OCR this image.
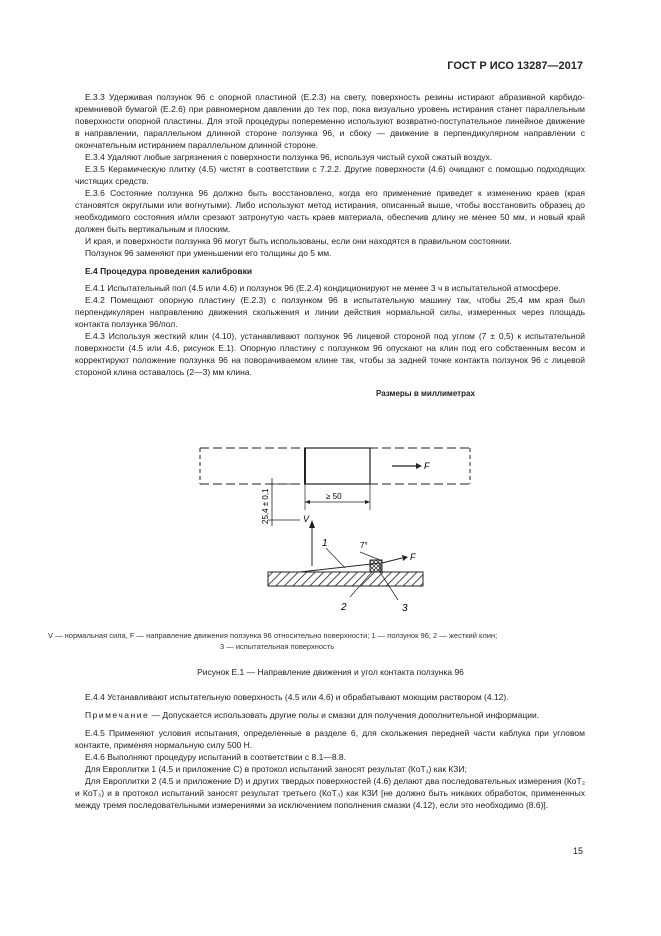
ГОСТ Р ИСО 13287—2017

Е.3.3 Удерживая ползунок 96 с опорной пластиной (Е.2.3) на свету, поверхность резины истирают абразивной карбидо-кремниевой бумагой (Е.2.6) при равномерном давлении до тех пор, пока визуально уровень истирания станет параллельным поверхности опорной пластины. Для этой процедуры попеременно используют возвратно-поступательное линейное движение в направлении, параллельном длинной стороне ползунка 96, и сбоку — движение в перпендикулярном направлении с окончательным истиранием параллельном длинной стороне.

Е.3.4 Удаляют любые загрязнения с поверхности ползунка 96, используя чистый сухой сжатый воздух.

Е.3.5 Керамическую плитку (4.5) чистят в соответствии с 7.2.2. Другие поверхности (4.6) очищают с помощью подходящих чистящих средств.

Е.3.6 Состояние ползунка 96 должно быть восстановлено, когда его применение приведет к изменению краев (края становятся округлыми или вогнутыми). Либо используют метод истирания, описанный выше, чтобы восстановить образец до необходимого состояния и/или срезают затронутую часть краев материала, обеспечив длину не менее 50 мм, и новый край должен быть вертикальным и плоским.

И края, и поверхности ползунка 96 могут быть использованы, если они находятся в правильном состоянии.

Ползунок 96 заменяют при уменьшении его толщины до 5 мм.

Е.4 Процедура проведения калибровки

Е.4.1 Испытательный пол (4.5 или 4.6) и ползунок 96 (Е.2.4) кондиционируют не менее 3 ч в испытательной атмосфере.

Е.4.2 Помещают опорную пластину (Е.2.3) с ползунком 96 в испытательную машину так, чтобы 25,4 мм края был перпендикулярен направлению движения скольжения и линии действия нормальной силы, измеренных через площадь контакта ползунка 96/пол.

Е.4.3 Используя жесткий клин (4.10), устанавливают ползунок 96 лицевой стороной под углом (7 ± 0,5) к испытательной поверхности (4.5 или 4.6, рисунок Е.1). Опорную пластину с ползунком 96 опускают на клин под его собственным весом и корректируют положение ползунка 96 на поворачиваемом клине так, чтобы за задней точке контакта ползунок 96 с лицевой стороной клина оставалось (2—3) мм клина.

Размеры в миллиметрах
F
25,4 ± 0,1	≥ 50
V
7°
F
1
2	3
V — нормальная сила, F — направление движения ползунка 96 относительно поверхности; 1 — ползунок 96; 2 — жесткий клин;
3 — испытательная поверхность
Рисунок Е.1 — Направление движения и угол контакта ползунка 96

Е.4.4 Устанавливают испытательную поверхность (4.5 или 4.6) и обрабатывают моющим раствором (4.12).

Примечание — Допускается использовать другие полы и смазки для получения дополнительной информации.

Е.4.5 Применяют условия испытания, определенные в разделе 6, для скольжения передней части каблука при угловом контакте, применяя нормальную силу 500 Н.

Е.4.6 Выполняют процедуру испытаний в соответствии с 8.1—8.8.

Для Европлитки 1 (4.5 и приложение С) в протокол испытаний заносят результат (КоТ₁) как КЗИ;

Для Европлитки 2 (4.5 и приложение D) и других твердых поверхностей (4.6) делают два последовательных измерения (КоТ₂ и КоТ₃) и в протокол испытаний заносят результат третьего (КоТ₃) как КЗИ [не должно быть никаких обработок, примененных между тремя последовательными измерениями за исключением пополнения смазки (4.12), если это необходимо (8.6)].

15
